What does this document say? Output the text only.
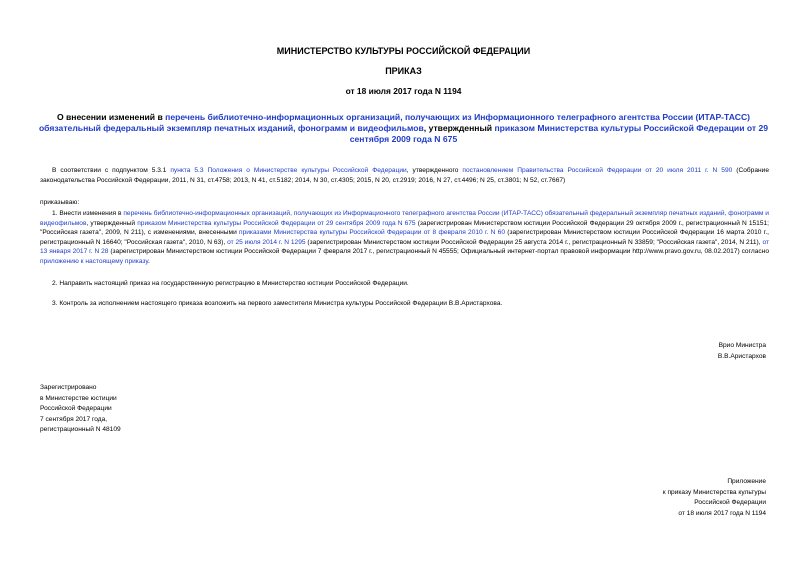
МИНИСТЕРСТВО КУЛЬТУРЫ РОССИЙСКОЙ ФЕДЕРАЦИИ
ПРИКАЗ
от 18 июля 2017 года N 1194
О внесении изменений в перечень библиотечно-информационных организаций, получающих из Информационного телеграфного агентства России (ИТАР-ТАСС) обязательный федеральный экземпляр печатных изданий, фонограмм и видеофильмов, утвержденный приказом Министерства культуры Российской Федерации от 29 сентября 2009 года N 675
В соответствии с подпунктом 5.3.1 пункта 5.3 Положения о Министерстве культуры Российской Федерации, утвержденного постановлением Правительства Российской Федерации от 20 июля 2011 г. N 590 (Собрание законодательства Российской Федерации, 2011, N 31, ст.4758; 2013, N 41, ст.5182; 2014, N 30, ст.4305; 2015, N 20, ст.2919; 2016, N 27, ст.4496; N 25, ст.3801; N 52, ст.7667)
приказываю:
1. Внести изменения в перечень библиотечно-информационных организаций, получающих из Информационного телеграфного агентства России (ИТАР-ТАСС) обязательный федеральный экземпляр печатных изданий, фонограмм и видеофильмов, утвержденный приказом Министерства культуры Российской Федерации от 29 сентября 2009 года N 675 (зарегистрирован Министерством юстиции Российской Федерации 29 октября 2009 г., регистрационный N 15151; "Российская газета", 2009, N 211), с изменениями, внесенными приказами Министерства культуры Российской Федерации от 8 февраля 2010 г. N 60 (зарегистрирован Министерством юстиции Российской Федерации 16 марта 2010 г., регистрационный N 16640; "Российская газета", 2010, N 63), от 25 июля 2014 г. N 1295 (зарегистрирован Министерством юстиции Российской Федерации 25 августа 2014 г., регистрационный N 33859; "Российская газета", 2014, N 211), от 13 января 2017 г. N 28 (зарегистрирован Министерством юстиции Российской Федерации 7 февраля 2017 г., регистрационный N 45555; Официальный интернет-портал правовой информации http://www.pravo.gov.ru, 08.02.2017) согласно приложению к настоящему приказу.
2. Направить настоящий приказ на государственную регистрацию в Министерство юстиции Российской Федерации.
3. Контроль за исполнением настоящего приказа возложить на первого заместителя Министра культуры Российской Федерации В.В.Аристархова.
Врио Министра
В.В.Аристархов
Зарегистрировано
в Министерстве юстиции
Российской Федерации
7 сентября 2017 года,
регистрационный N 48109
Приложение
к приказу Министерства культуры
Российской Федерации
от 18 июля 2017 года N 1194
